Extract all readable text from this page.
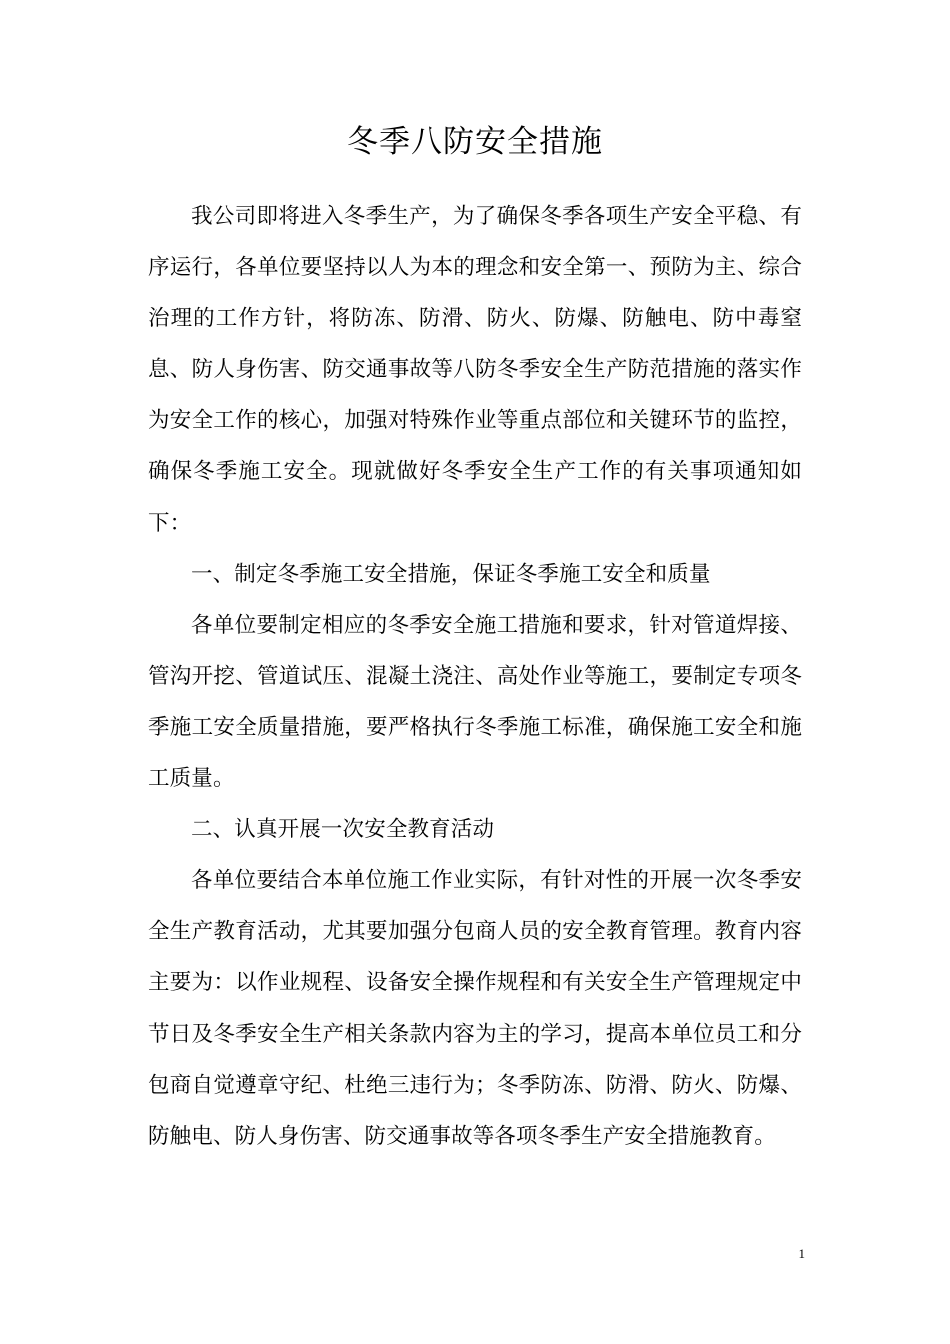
冬季八防安全措施

我公司即将进入冬季生产，为了确保冬季各项生产安全平稳、有序运行，各单位要坚持以人为本的理念和安全第一、预防为主、综合治理的工作方针，将防冻、防滑、防火、防爆、防触电、防中毒窒息、防人身伤害、防交通事故等八防冬季安全生产防范措施的落实作为安全工作的核心，加强对特殊作业等重点部位和关键环节的监控，确保冬季施工安全。现就做好冬季安全生产工作的有关事项通知如下：

一、制定冬季施工安全措施，保证冬季施工安全和质量

各单位要制定相应的冬季安全施工措施和要求，针对管道焊接、管沟开挖、管道试压、混凝土浇注、高处作业等施工，要制定专项冬季施工安全质量措施，要严格执行冬季施工标准，确保施工安全和施工质量。

二、认真开展一次安全教育活动

各单位要结合本单位施工作业实际，有针对性的开展一次冬季安全生产教育活动，尤其要加强分包商人员的安全教育管理。教育内容主要为：以作业规程、设备安全操作规程和有关安全生产管理规定中节日及冬季安全生产相关条款内容为主的学习，提高本单位员工和分包商自觉遵章守纪、杜绝三违行为；冬季防冻、防滑、防火、防爆、防触电、防人身伤害、防交通事故等各项冬季生产安全措施教育。

1
